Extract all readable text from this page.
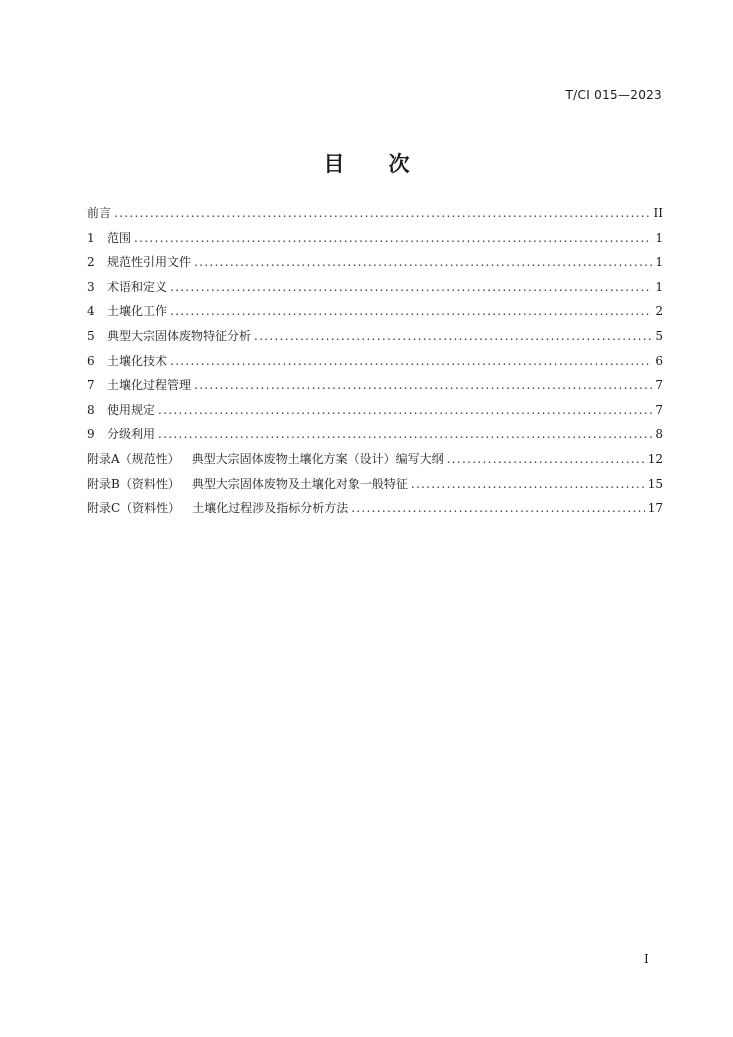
T/CI 015—2023
目 次
前言 .....	II
1	范围 .....	1
2	规范性引用文件 .....	1
3	术语和定义 .....	1
4	土壤化工作 .....	2
5	典型大宗固体废物特征分析 .....	5
6	土壤化技术 .....	6
7	土壤化过程管理 .....	7
8	使用规定 .....	7
9	分级利用 .....	8
附录A（规范性） 典型大宗固体废物土壤化方案（设计）编写大纲 .....	12
附录B（资料性） 典型大宗固体废物及土壤化对象一般特征 .....	15
附录C（资料性） 土壤化过程涉及指标分析方法 .....	17
I
